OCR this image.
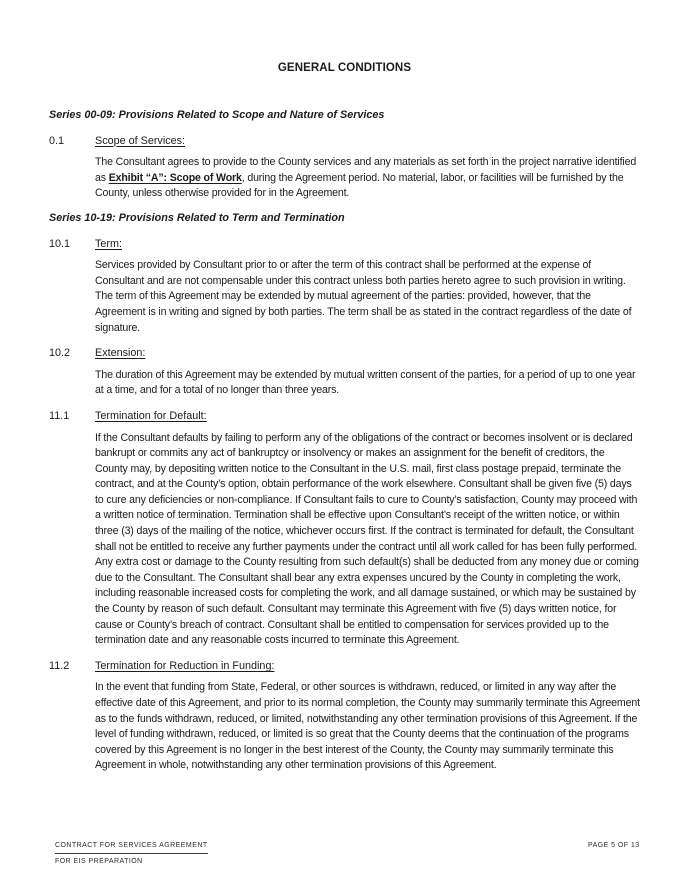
GENERAL CONDITIONS

Series 00-09: Provisions Related to Scope and Nature of Services

0.1	Scope of Services:

The Consultant agrees to provide to the County services and any materials as set forth in the project narrative identified as Exhibit “A”: Scope of Work, during the Agreement period. No material, labor, or facilities will be furnished by the County, unless otherwise provided for in the Agreement.

Series 10-19: Provisions Related to Term and Termination

10.1	Term:

Services provided by Consultant prior to or after the term of this contract shall be performed at the expense of Consultant and are not compensable under this contract unless both parties hereto agree to such provision in writing. The term of this Agreement may be extended by mutual agreement of the parties: provided, however, that the Agreement is in writing and signed by both parties. The term shall be as stated in the contract regardless of the date of signature.

10.2	Extension:

The duration of this Agreement may be extended by mutual written consent of the parties, for a period of up to one year at a time, and for a total of no longer than three years.

11.1	Termination for Default:

If the Consultant defaults by failing to perform any of the obligations of the contract or becomes insolvent or is declared bankrupt or commits any act of bankruptcy or insolvency or makes an assignment for the benefit of creditors, the County may, by depositing written notice to the Consultant in the U.S. mail, first class postage prepaid, terminate the contract, and at the County’s option, obtain performance of the work elsewhere. Consultant shall be given five (5) days to cure any deficiencies or non-compliance. If Consultant fails to cure to County’s satisfaction, County may proceed with a written notice of termination. Termination shall be effective upon Consultant’s receipt of the written notice, or within three (3) days of the mailing of the notice, whichever occurs first. If the contract is terminated for default, the Consultant shall not be entitled to receive any further payments under the contract until all work called for has been fully performed. Any extra cost or damage to the County resulting from such default(s) shall be deducted from any money due or coming due to the Consultant. The Consultant shall bear any extra expenses uncured by the County in completing the work, including reasonable increased costs for completing the work, and all damage sustained, or which may be sustained by the County by reason of such default. Consultant may terminate this Agreement with five (5) days written notice, for cause or County’s breach of contract. Consultant shall be entitled to compensation for services provided up to the termination date and any reasonable costs incurred to terminate this Agreement.

11.2	Termination for Reduction in Funding:

In the event that funding from State, Federal, or other sources is withdrawn, reduced, or limited in any way after the effective date of this Agreement, and prior to its normal completion, the County may summarily terminate this Agreement as to the funds withdrawn, reduced, or limited, notwithstanding any other termination provisions of this Agreement. If the level of funding withdrawn, reduced, or limited is so great that the County deems that the continuation of the programs covered by this Agreement is no longer in the best interest of the County, the County may summarily terminate this Agreement in whole, notwithstanding any other termination provisions of this Agreement.

CONTRACT FOR SERVICES AGREEMENT
FOR EIS PREPARATION
PAGE 5 OF 13
